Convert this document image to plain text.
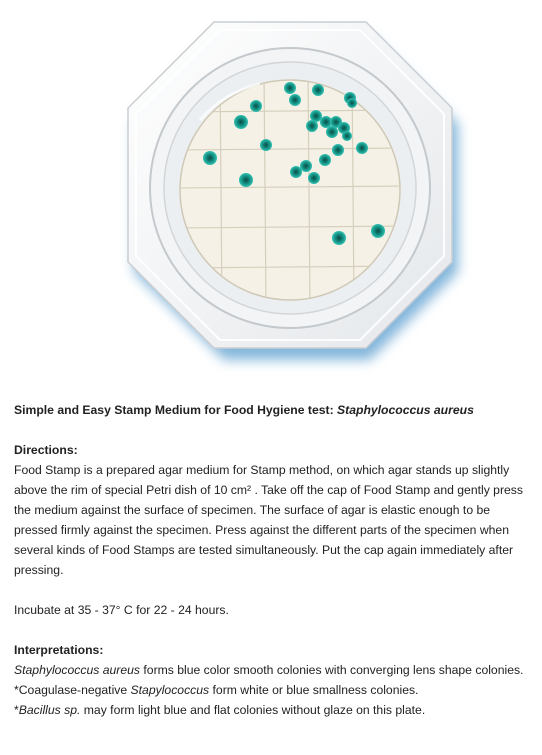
Simple and Easy Stamp Medium for Food Hygiene test: Staphylococcus aureus
Directions:

Food Stamp is a prepared agar medium for Stamp method, on which agar stands up slightly

above the rim of special Petri dish of 10 cm² . Take off the cap of Food Stamp and gently press

the medium against the surface of specimen. The surface of agar is elastic enough to be

pressed firmly against the specimen. Press against the different parts of the specimen when

several kinds of Food Stamps are tested simultaneously. Put the cap again immediately after

pressing.

Incubate at 35 - 37° C for 22 - 24 hours.
Interpretations:

Staphylococcus aureus forms blue color smooth colonies with converging lens shape colonies.

*Coagulase-negative Stapylococcus form white or blue smallness colonies.

*Bacillus sp. may form light blue and flat colonies without glaze on this plate.
